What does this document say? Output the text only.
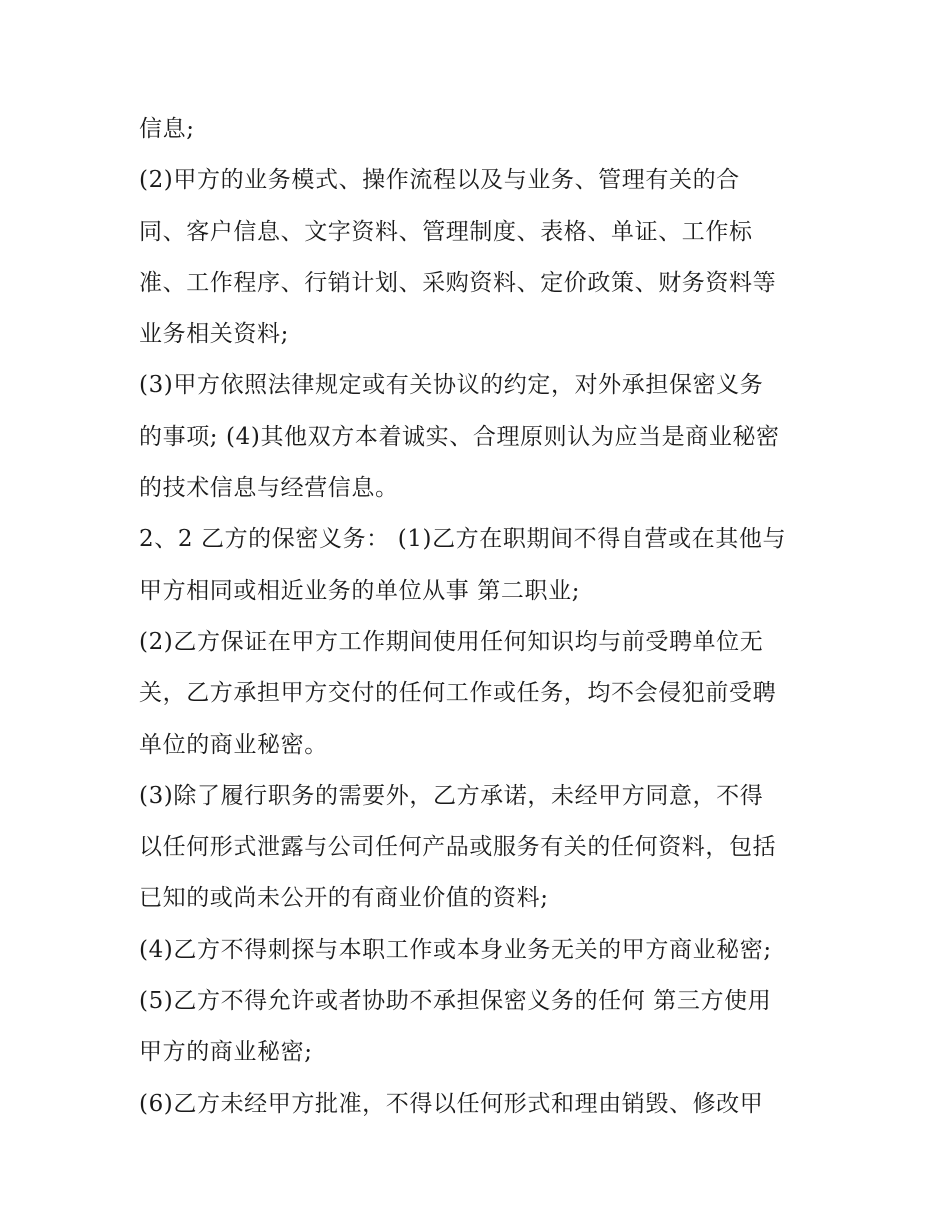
信息;
(2)甲方的业务模式、操作流程以及与业务、管理有关的合
同、客户信息、文字资料、管理制度、表格、单证、工作标
准、工作程序、行销计划、采购资料、定价政策、财务资料等
业务相关资料;
(3)甲方依照法律规定或有关协议的约定，对外承担保密义务
的事项; (4)其他双方本着诚实、合理原则认为应当是商业秘密
的技术信息与经营信息。
2、2 乙方的保密义务： (1)乙方在职期间不得自营或在其他与
甲方相同或相近业务的单位从事 第二职业;
(2)乙方保证在甲方工作期间使用任何知识均与前受聘单位无
关，乙方承担甲方交付的任何工作或任务，均不会侵犯前受聘
单位的商业秘密。
(3)除了履行职务的需要外，乙方承诺，未经甲方同意，不得
以任何形式泄露与公司任何产品或服务有关的任何资料，包括
已知的或尚未公开的有商业价值的资料;
(4)乙方不得刺探与本职工作或本身业务无关的甲方商业秘密;
(5)乙方不得允许或者协助不承担保密义务的任何 第三方使用
甲方的商业秘密;
(6)乙方未经甲方批准，不得以任何形式和理由销毁、修改甲
